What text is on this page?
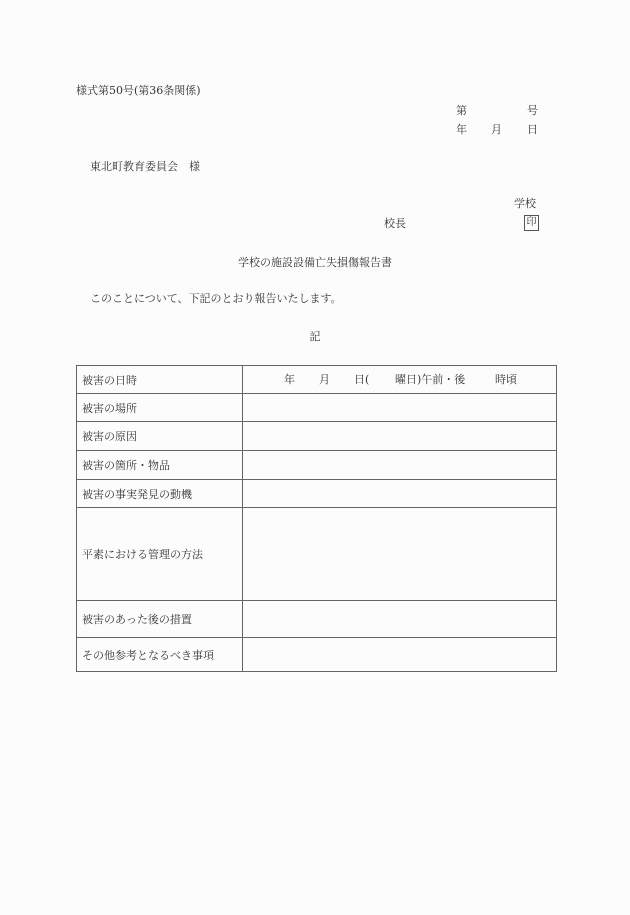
様式第50号(第36条関係)
第	号
年 月 日
東北町教育委員会　様
学校
校長	印
学校の施設設備亡失損傷報告書
このことについて、下記のとおり報告いたします。
記
被害の日時	年 月 日( 曜日)午前・後 時頃

被害の場所	
被害の原因	
被害の箇所・物品	
被害の事実発見の動機	
平素における管理の方法	
被害のあった後の措置	
その他参考となるべき事項	
